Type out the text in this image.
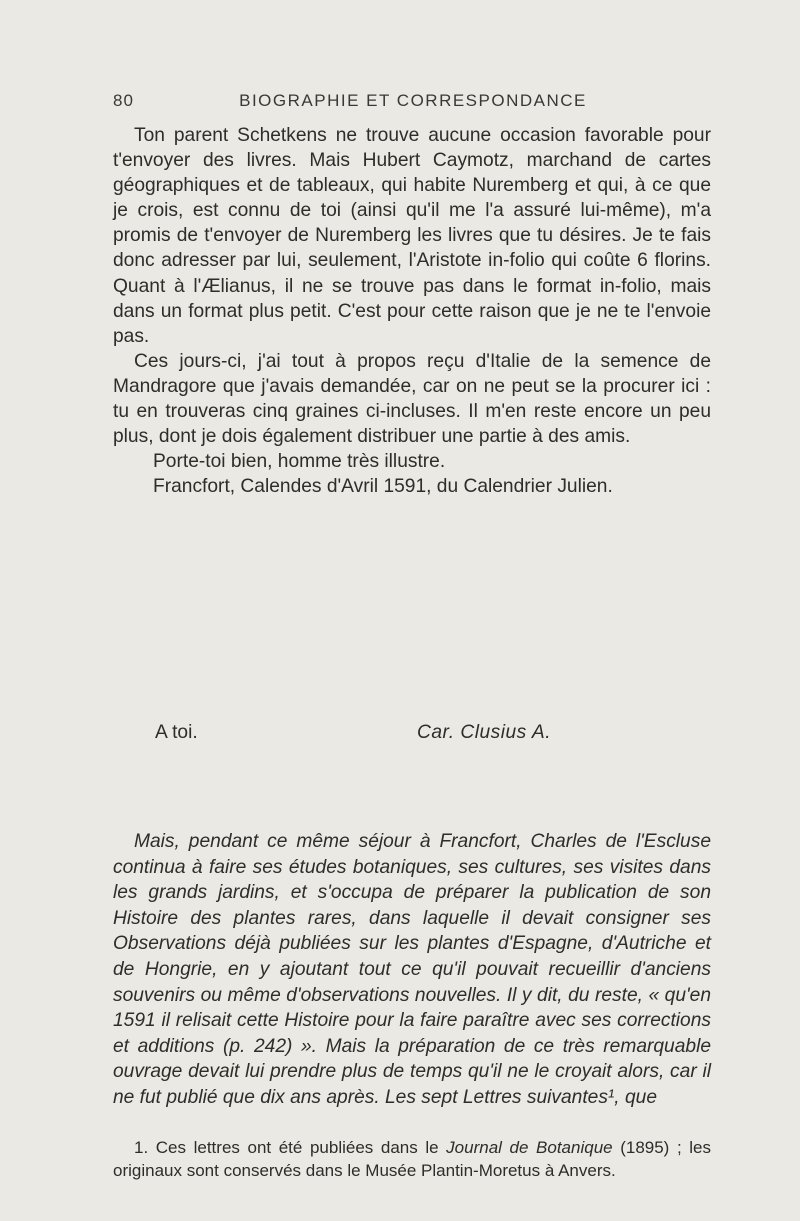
80	BIOGRAPHIE ET CORRESPONDANCE

Ton parent Schetkens ne trouve aucune occasion favorable pour t'envoyer des livres. Mais Hubert Caymotz, marchand de cartes géographiques et de tableaux, qui habite Nuremberg et qui, à ce que je crois, est connu de toi (ainsi qu'il me l'a assuré lui-même), m'a promis de t'envoyer de Nuremberg les livres que tu désires. Je te fais donc adresser par lui, seulement, l'Aristote in-folio qui coûte 6 florins. Quant à l'Ælianus, il ne se trouve pas dans le format in-folio, mais dans un format plus petit. C'est pour cette raison que je ne te l'envoie pas.

Ces jours-ci, j'ai tout à propos reçu d'Italie de la semence de Mandragore que j'avais demandée, car on ne peut se la procurer ici : tu en trouveras cinq graines ci-incluses. Il m'en reste encore un peu plus, dont je dois également distribuer une partie à des amis.

Porte-toi bien, homme très illustre.

Francfort, Calendes d'Avril 1591, du Calendrier Julien.

A toi.	Car. Clusius A.

Mais, pendant ce même séjour à Francfort, Charles de l'Escluse continua à faire ses études botaniques, ses cultures, ses visites dans les grands jardins, et s'occupa de préparer la publication de son Histoire des plantes rares, dans laquelle il devait consigner ses Observations déjà publiées sur les plantes d'Espagne, d'Autriche et de Hongrie, en y ajoutant tout ce qu'il pouvait recueillir d'anciens souvenirs ou même d'observations nouvelles. Il y dit, du reste, « qu'en 1591 il relisait cette Histoire pour la faire paraître avec ses corrections et additions (p. 242) ». Mais la préparation de ce très remarquable ouvrage devait lui prendre plus de temps qu'il ne le croyait alors, car il ne fut publié que dix ans après. Les sept Lettres suivantes¹, que

1. Ces lettres ont été publiées dans le Journal de Botanique (1895) ; les originaux sont conservés dans le Musée Plantin-Moretus à Anvers.
